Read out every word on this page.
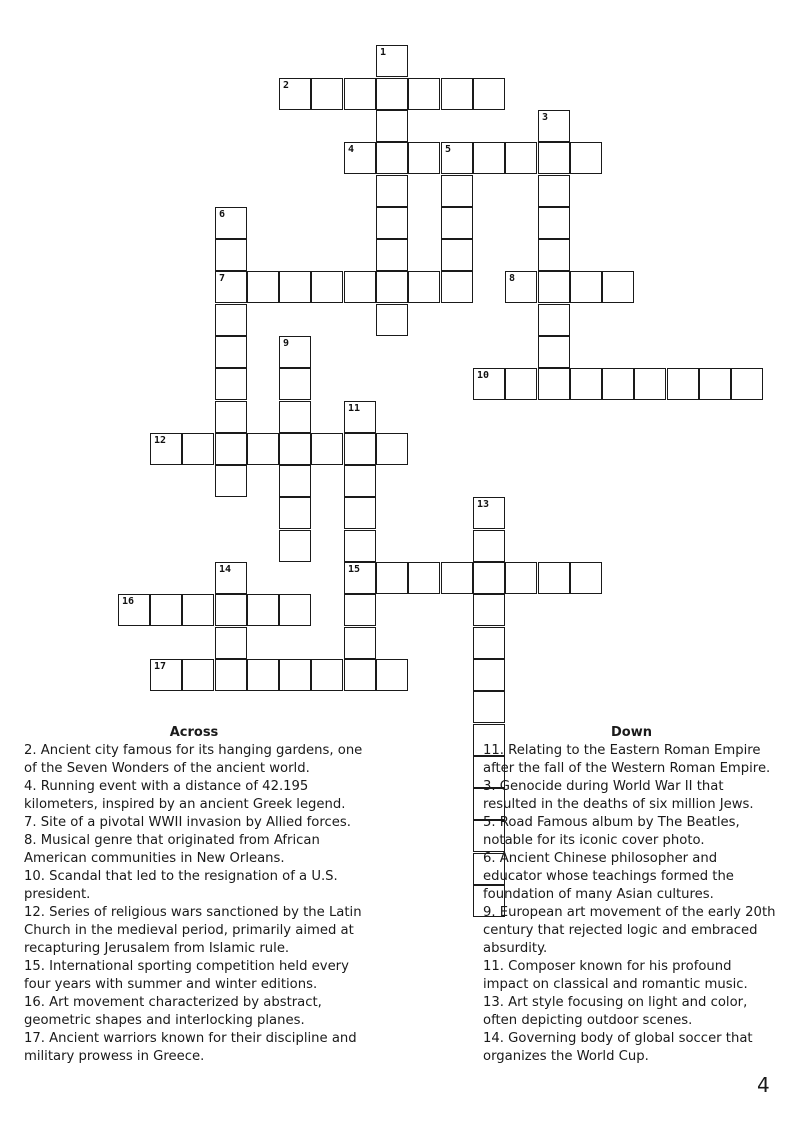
1
2
3
4	5
6
7	8
9
10
11
15
12
13
14
16
17
Across

2. Ancient city famous for its hanging gardens, one of the Seven Wonders of the ancient world.

4. Running event with a distance of 42.195 kilometers, inspired by an ancient Greek legend.

7. Site of a pivotal WWII invasion by Allied forces.

8. Musical genre that originated from African American communities in New Orleans.

10. Scandal that led to the resignation of a U.S. president.

12. Series of religious wars sanctioned by the Latin Church in the medieval period, primarily aimed at recapturing Jerusalem from Islamic rule.

15. International sporting competition held every four years with summer and winter editions.

16. Art movement characterized by abstract, geometric shapes and interlocking planes.

17. Ancient warriors known for their discipline and military prowess in Greece.

Down

11. Relating to the Eastern Roman Empire after the fall of the Western Roman Empire.

3. Genocide during World War II that resulted in the deaths of six million Jews.

5. Road Famous album by The Beatles, notable for its iconic cover photo.

6. Ancient Chinese philosopher and educator whose teachings formed the foundation of many Asian cultures.

9. European art movement of the early 20th century that rejected logic and embraced absurdity.

11. Composer known for his profound impact on classical and romantic music.

13. Art style focusing on light and color, often depicting outdoor scenes.

14. Governing body of global soccer that organizes the World Cup.

4
